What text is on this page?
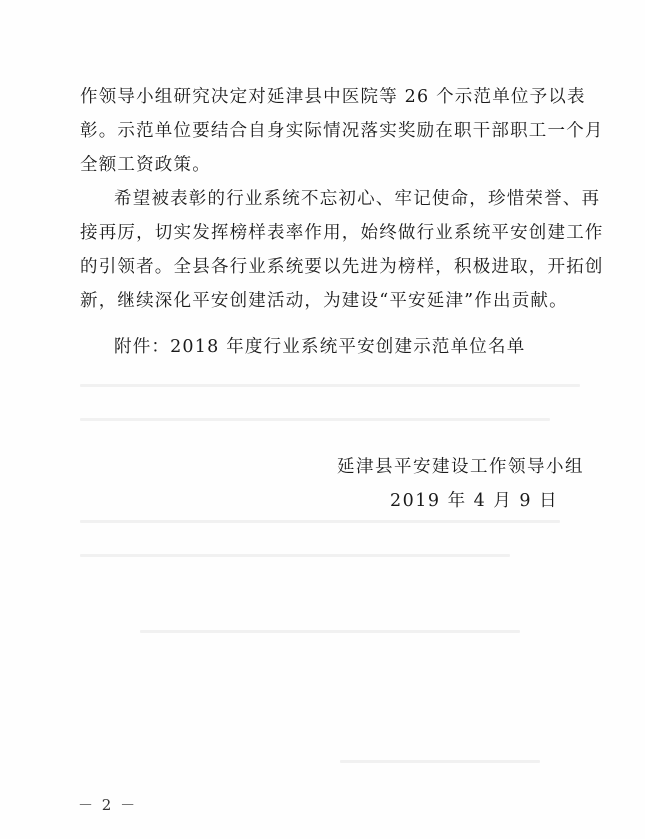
作领导小组研究决定对延津县中医院等 26 个示范单位予以表
彰。示范单位要结合自身实际情况落实奖励在职干部职工一个月
全额工资政策。
希望被表彰的行业系统不忘初心、牢记使命，珍惜荣誉、再
接再厉，切实发挥榜样表率作用，始终做行业系统平安创建工作
的引领者。全县各行业系统要以先进为榜样，积极进取，开拓创
新，继续深化平安创建活动，为建设“平安延津”作出贡献。
附件：2018 年度行业系统平安创建示范单位名单
延津县平安建设工作领导小组
2019 年 4 月 9 日
－ 2 －
